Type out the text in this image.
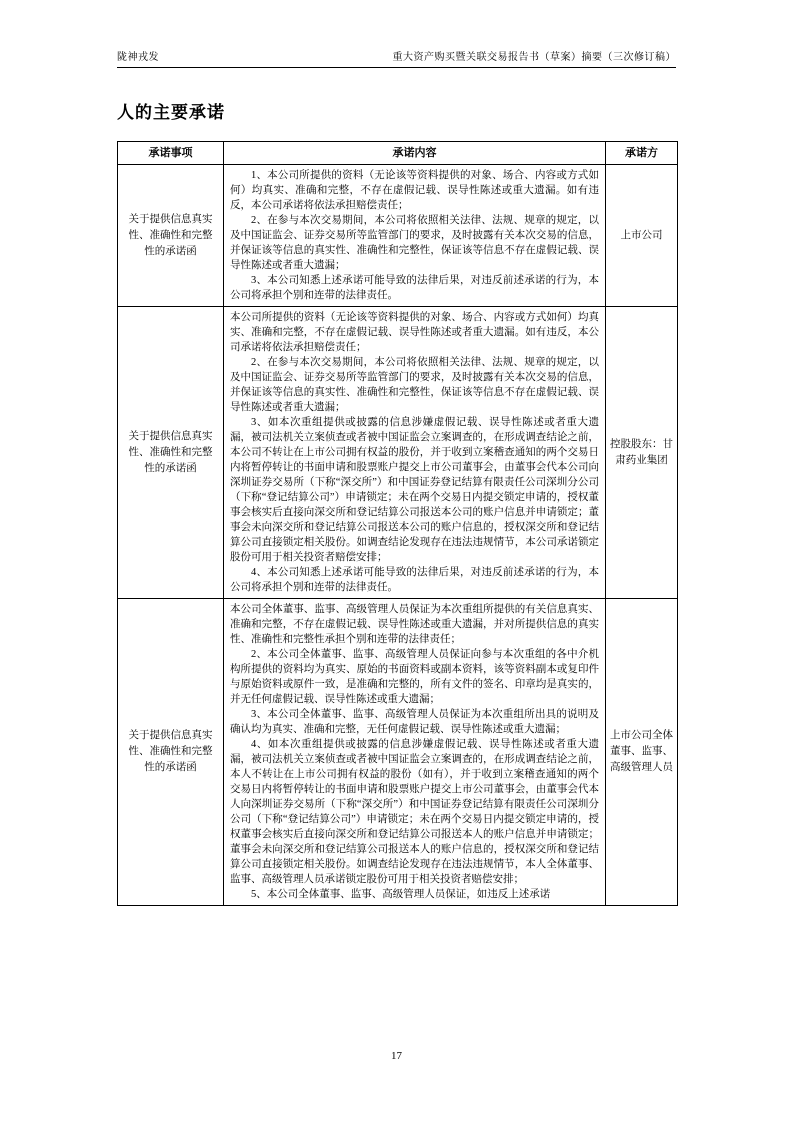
陇神戎发	重大资产购买暨关联交易报告书（草案）摘要（三次修订稿）
人的主要承诺
承诺事项	承诺内容	承诺方
关于提供信息真实性、准确性和完整性的承诺函	1、本公司所提供的资料（无论该等资料提供的对象、场合、内容或方式如何）均真实、准确和完整，不存在虚假记载、误导性陈述或重大遗漏。如有违反，本公司承诺将依法承担赔偿责任；

2、在参与本次交易期间，本公司将依照相关法律、法规、规章的规定，以及中国证监会、证券交易所等监管部门的要求，及时披露有关本次交易的信息，并保证该等信息的真实性、准确性和完整性，保证该等信息不存在虚假记载、误导性陈述或者重大遗漏；

3、本公司知悉上述承诺可能导致的法律后果，对违反前述承诺的行为，本公司将承担个别和连带的法律责任。	上市公司
关于提供信息真实性、准确性和完整性的承诺函	本公司所提供的资料（无论该等资料提供的对象、场合、内容或方式如何）均真实、准确和完整，不存在虚假记载、误导性陈述或者重大遗漏。如有违反，本公司承诺将依法承担赔偿责任；

2、在参与本次交易期间，本公司将依照相关法律、法规、规章的规定，以及中国证监会、证券交易所等监管部门的要求，及时披露有关本次交易的信息，并保证该等信息的真实性、准确性和完整性，保证该等信息不存在虚假记载、误导性陈述或者重大遗漏；

3、如本次重组提供或披露的信息涉嫌虚假记载、误导性陈述或者重大遗漏，被司法机关立案侦查或者被中国证监会立案调查的，在形成调查结论之前，本公司不转让在上市公司拥有权益的股份，并于收到立案稽查通知的两个交易日内将暂停转让的书面申请和股票账户提交上市公司董事会，由董事会代本公司向深圳证券交易所（下称“深交所”）和中国证券登记结算有限责任公司深圳分公司（下称“登记结算公司”）申请锁定；未在两个交易日内提交锁定申请的，授权董事会核实后直接向深交所和登记结算公司报送本公司的账户信息并申请锁定；董事会未向深交所和登记结算公司报送本公司的账户信息的，授权深交所和登记结算公司直接锁定相关股份。如调查结论发现存在违法违规情节，本公司承诺锁定股份可用于相关投资者赔偿安排；

4、本公司知悉上述承诺可能导致的法律后果，对违反前述承诺的行为，本公司将承担个别和连带的法律责任。	控股股东：甘肃药业集团
关于提供信息真实性、准确性和完整性的承诺函	本公司全体董事、监事、高级管理人员保证为本次重组所提供的有关信息真实、准确和完整，不存在虚假记载、误导性陈述或重大遗漏，并对所提供信息的真实性、准确性和完整性承担个别和连带的法律责任；

2、本公司全体董事、监事、高级管理人员保证向参与本次重组的各中介机构所提供的资料均为真实、原始的书面资料或副本资料，该等资料副本或复印件与原始资料或原件一致，是准确和完整的，所有文件的签名、印章均是真实的，并无任何虚假记载、误导性陈述或重大遗漏；

3、本公司全体董事、监事、高级管理人员保证为本次重组所出具的说明及确认均为真实、准确和完整，无任何虚假记载、误导性陈述或重大遗漏；

4、如本次重组提供或披露的信息涉嫌虚假记载、误导性陈述或者重大遗漏，被司法机关立案侦查或者被中国证监会立案调查的，在形成调查结论之前，本人不转让在上市公司拥有权益的股份（如有），并于收到立案稽查通知的两个交易日内将暂停转让的书面申请和股票账户提交上市公司董事会，由董事会代本人向深圳证券交易所（下称“深交所”）和中国证券登记结算有限责任公司深圳分公司（下称“登记结算公司”）申请锁定；未在两个交易日内提交锁定申请的，授权董事会核实后直接向深交所和登记结算公司报送本人的账户信息并申请锁定；董事会未向深交所和登记结算公司报送本人的账户信息的，授权深交所和登记结算公司直接锁定相关股份。如调查结论发现存在违法违规情节，本人全体董事、监事、高级管理人员承诺锁定股份可用于相关投资者赔偿安排；

5、本公司全体董事、监事、高级管理人员保证，如违反上述承诺	上市公司全体董事、监事、高级管理人员
17
